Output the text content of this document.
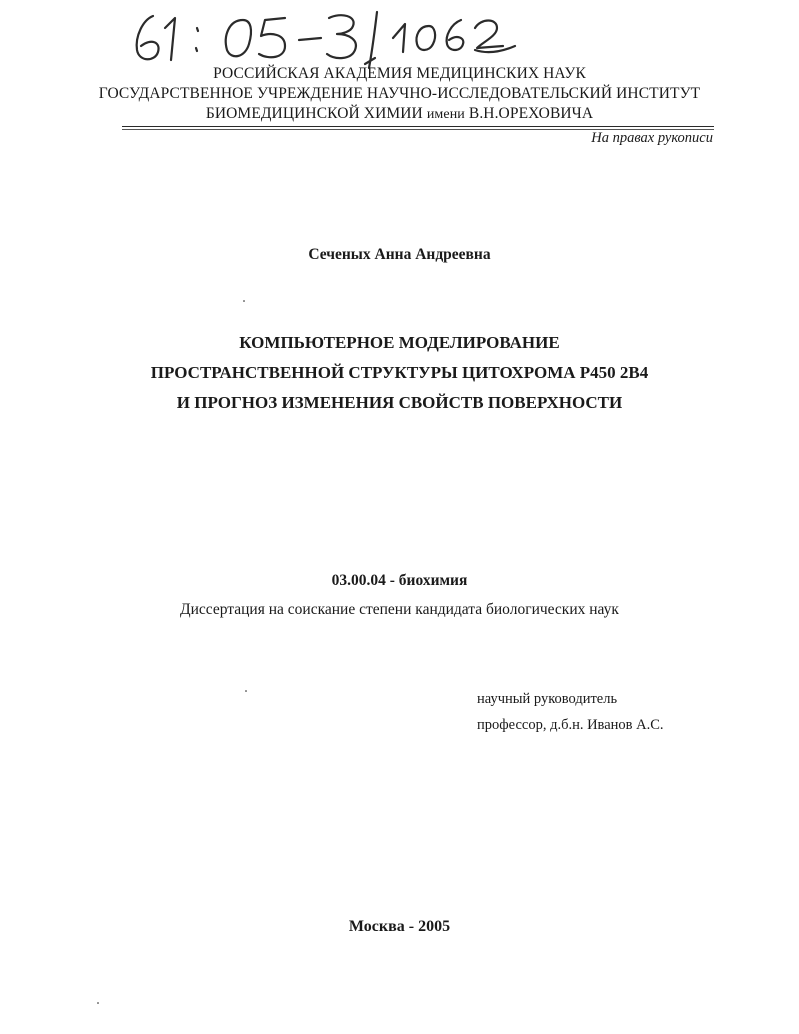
РОССИЙСКАЯ АКАДЕМИЯ МЕДИЦИНСКИХ НАУК
ГОСУДАРСТВЕННОЕ УЧРЕЖДЕНИЕ НАУЧНО-ИССЛЕДОВАТЕЛЬСКИЙ ИНСТИТУТ
БИОМЕДИЦИНСКОЙ ХИМИИ имени В.Н.ОРЕХОВИЧА
На правах рукописи
Сеченых Анна Андреевна
КОМПЬЮТЕРНОЕ МОДЕЛИРОВАНИЕ
ПРОСТРАНСТВЕННОЙ СТРУКТУРЫ ЦИТОХРОМА Р450 2В4
И ПРОГНОЗ ИЗМЕНЕНИЯ СВОЙСТВ ПОВЕРХНОСТИ
03.00.04 - биохимия
Диссертация на соискание степени кандидата биологических наук
научный руководитель
профессор, д.б.н. Иванов А.С.
Москва - 2005
